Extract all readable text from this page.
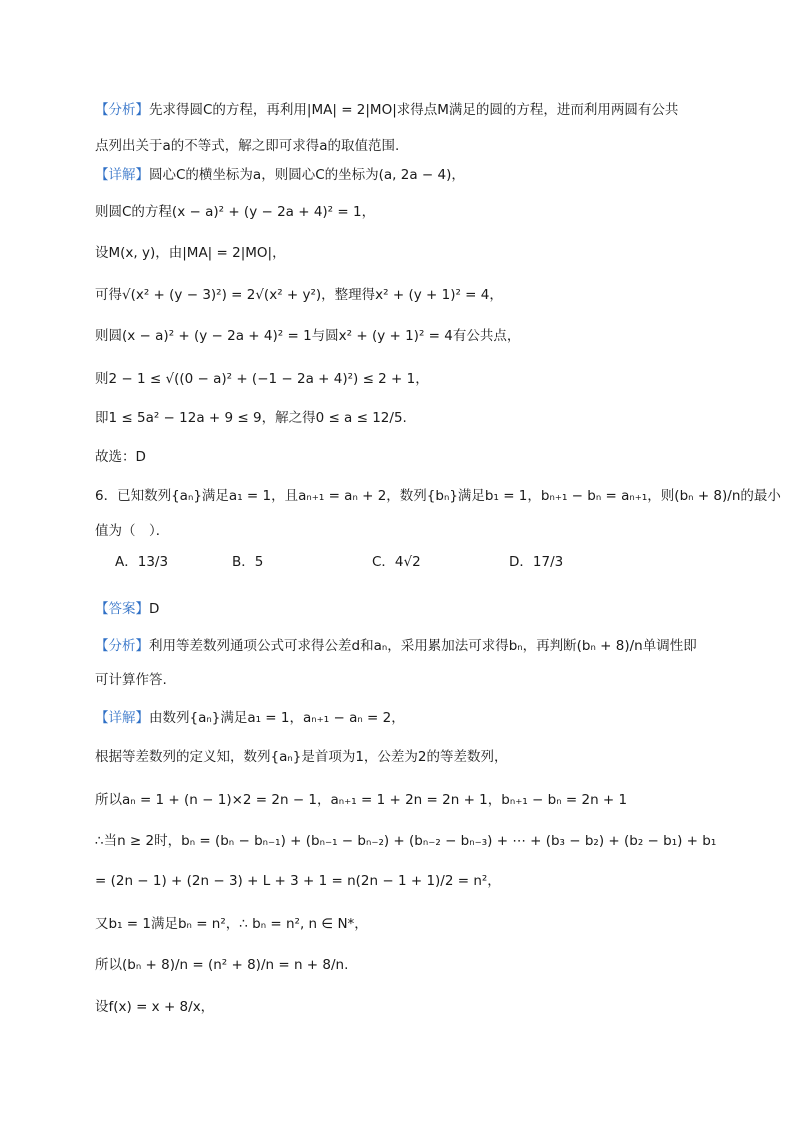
【分析】先求得圆C的方程，再利用|MA| = 2|MO|求得点M满足的圆的方程，进而利用两圆有公共
点列出关于a的不等式，解之即可求得a的取值范围.
【详解】圆心C的横坐标为a，则圆心C的坐标为(a, 2a − 4)，
则圆C的方程(x − a)² + (y − 2a + 4)² = 1，
设M(x, y)，由|MA| = 2|MO|，
可得√(x² + (y − 3)²) = 2√(x² + y²)，整理得x² + (y + 1)² = 4，
则圆(x − a)² + (y − 2a + 4)² = 1与圆x² + (y + 1)² = 4有公共点，
则2 − 1 ≤ √((0 − a)² + (−1 − 2a + 4)²) ≤ 2 + 1，
即1 ≤ 5a² − 12a + 9 ≤ 9，解之得0 ≤ a ≤ 12/5.
故选：D
6．已知数列{aₙ}满足a₁ = 1，且aₙ₊₁ = aₙ + 2，数列{bₙ}满足b₁ = 1，bₙ₊₁ − bₙ = aₙ₊₁，则(bₙ + 8)/n的最小
值为（　）．
【答案】D
【分析】利用等差数列通项公式可求得公差d和aₙ，采用累加法可求得bₙ，再判断(bₙ + 8)/n单调性即
可计算作答.
【详解】由数列{aₙ}满足a₁ = 1，aₙ₊₁ − aₙ = 2，
根据等差数列的定义知，数列{aₙ}是首项为1，公差为2的等差数列，
所以aₙ = 1 + (n − 1)×2 = 2n − 1，aₙ₊₁ = 1 + 2n = 2n + 1，bₙ₊₁ − bₙ = 2n + 1
∴当n ≥ 2时，bₙ = (bₙ − bₙ₋₁) + (bₙ₋₁ − bₙ₋₂) + (bₙ₋₂ − bₙ₋₃) + ⋯ + (b₃ − b₂) + (b₂ − b₁) + b₁
= (2n − 1) + (2n − 3) + L + 3 + 1 = n(2n − 1 + 1)/2 = n²，
又b₁ = 1满足bₙ = n²，∴ bₙ = n², n ∈ N*，
所以(bₙ + 8)/n = (n² + 8)/n = n + 8/n.
设f(x) = x + 8/x，
A．13/3	B．5	C．4√2	D．17/3
